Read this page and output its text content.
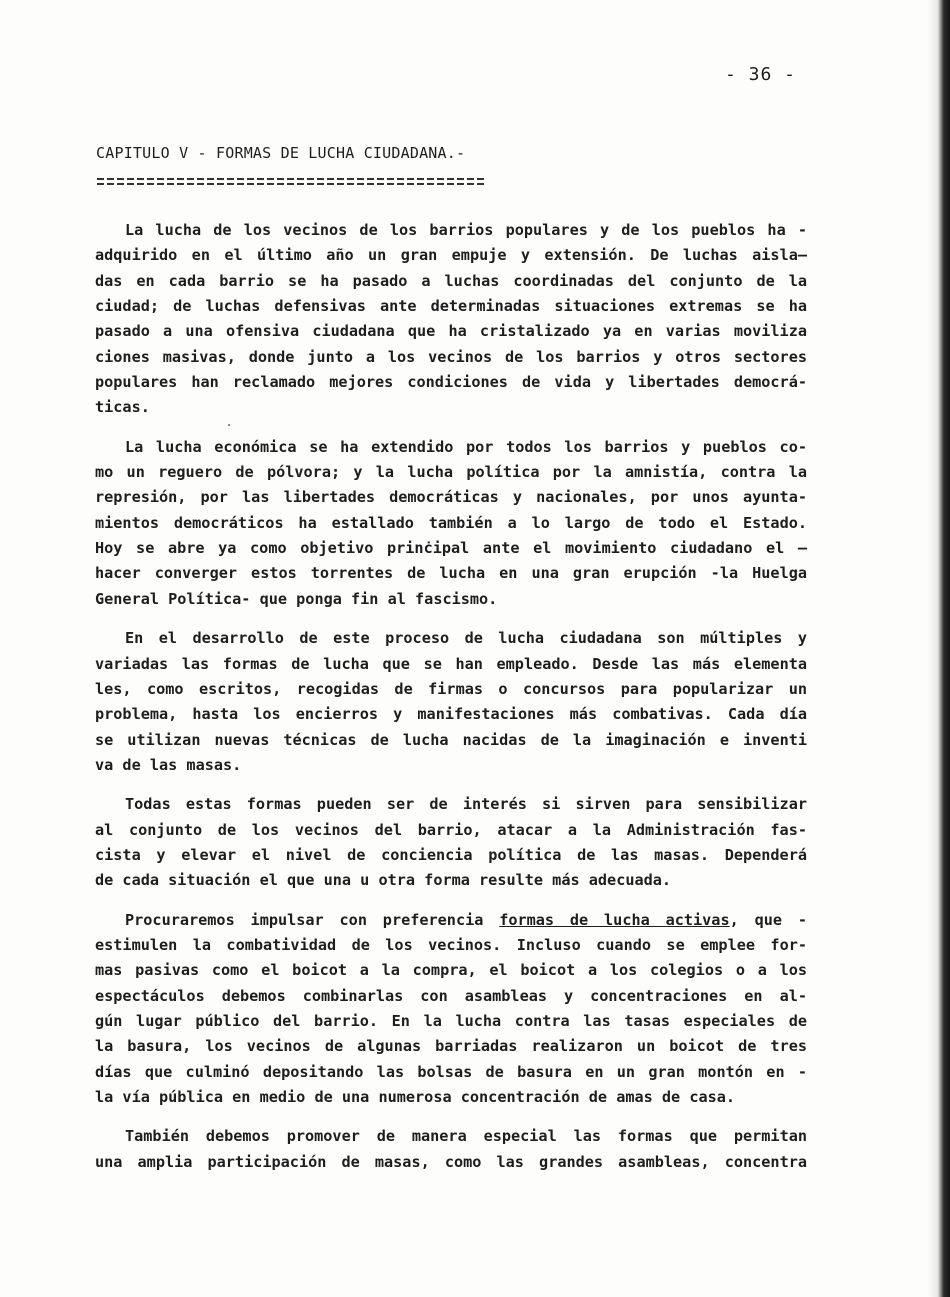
- 36 -
CAPITULO V - FORMAS DE LUCHA CIUDADANA.-
La lucha de los vecinos de los barrios populares y de los pueblos ha -
adquirido en el último año un gran empuje y extensión. De luchas aisla—
das en cada barrio se ha pasado a luchas coordinadas del conjunto de la
ciudad; de luchas defensivas ante determinadas situaciones extremas se ha
pasado a una ofensiva ciudadana que ha cristalizado ya en varias moviliza
ciones masivas, donde junto a los vecinos de los barrios y otros sectores
populares han reclamado mejores condiciones de vida y libertades democrá-
ticas.
La lucha económica se ha extendido por todos los barrios y pueblos co-
mo un reguero de pólvora; y la lucha política por la amnistía, contra la
represión, por las libertades democráticas y nacionales, por unos ayunta-
mientos democráticos ha estallado también a lo largo de todo el Estado.
Hoy se abre ya como objetivo prinċipal ante el movimiento ciudadano el —
hacer converger estos torrentes de lucha en una gran erupción -la Huelga
General Política- que ponga fin al fascismo.
En el desarrollo de este proceso de lucha ciudadana son múltiples y
variadas las formas de lucha que se han empleado. Desde las más elementa
les, como escritos, recogidas de firmas o concursos para popularizar un
problema, hasta los encierros y manifestaciones más combativas. Cada día
se utilizan nuevas técnicas de lucha nacidas de la imaginación e inventi
va de las masas.
Todas estas formas pueden ser de interés si sirven para sensibilizar
al conjunto de los vecinos del barrio, atacar a la Administración fas-
cista y elevar el nivel de conciencia política de las masas. Dependerá
de cada situación el que una u otra forma resulte más adecuada.
Procuraremos impulsar con preferencia formas de lucha activas, que -
estimulen la combatividad de los vecinos. Incluso cuando se emplee for-
mas pasivas como el boicot a la compra, el boicot a los colegios o a los
espectáculos debemos combinarlas con asambleas y concentraciones en al-
gún lugar público del barrio. En la lucha contra las tasas especiales de
la basura, los vecinos de algunas barriadas realizaron un boicot de tres
días que culminó depositando las bolsas de basura en un gran montón en -
la vía pública en medio de una numerosa concentración de amas de casa.
También debemos promover de manera especial las formas que permitan
una amplia participación de masas, como las grandes asambleas, concentra
